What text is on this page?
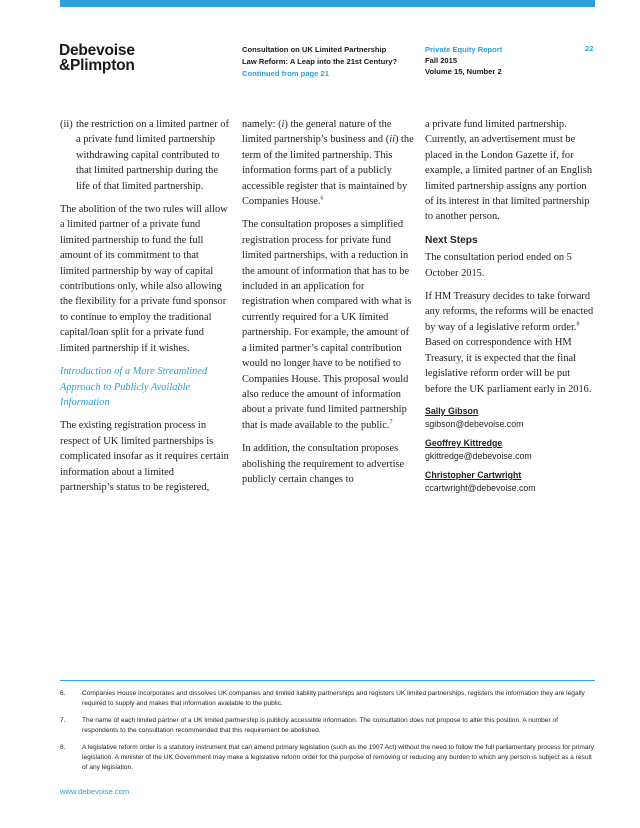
Debevoise
&Plimpton
Consultation on UK Limited Partnership
Law Reform: A Leap into the 21st Century?
Continued from page 21
Private Equity Report
Fall 2015
Volume 15, Number 2
22
(ii) the restriction on a limited partner of a private fund limited partnership withdrawing capital contributed to that limited partnership during the life of that limited partnership.

The abolition of the two rules will allow a limited partner of a private fund limited partnership to fund the full amount of its commitment to that limited partnership by way of capital contributions only, while also allowing the flexibility for a private fund sponsor to continue to employ the traditional capital/loan split for a private fund limited partnership if it wishes.

Introduction of a More Streamlined Approach to Publicly Available Information

The existing registration process in respect of UK limited partnerships is complicated insofar as it requires certain information about a limited partnership’s status to be registered,

namely: (i) the general nature of the limited partnership’s business and (ii) the term of the limited partnership. This information forms part of a publicly accessible register that is maintained by Companies House.$^6$

The consultation proposes a simplified registration process for private fund limited partnerships, with a reduction in the amount of information that has to be included in an application for registration when compared with what is currently required for a UK limited partnership. For example, the amount of a limited partner’s capital contribution would no longer have to be notified to Companies House. This proposal would also reduce the amount of information about a private fund limited partnership that is made available to the public.$^7$

In addition, the consultation proposes abolishing the requirement to advertise publicly certain changes to

a private fund limited partnership. Currently, an advertisement must be placed in the London Gazette if, for example, a limited partner of an English limited partnership assigns any portion of its interest in that limited partnership to another person.

Next Steps

The consultation period ended on 5 October 2015.

If HM Treasury decides to take forward any reforms, the reforms will be enacted by way of a legislative reform order.$^8$ Based on correspondence with HM Treasury, it is expected that the final legislative reform order will be put before the UK parliament early in 2016.

Sally Gibson
sgibson@debevoise.com
Geoffrey Kittredge
gkittredge@debevoise.com
Christopher Cartwright
ccartwright@debevoise.com
6.	Companies House incorporates and dissolves UK companies and limited liability partnerships and registers UK limited partnerships, registers the information they are legally required to supply and makes that information available to the public.
7.	The name of each limited partner of a UK limited partnership is publicly accessible information. The consultation does not propose to alter this position. A number of respondents to the consultation recommended that this requirement be abolished.
8.	A legislative reform order is a statutory instrument that can amend primary legislation (such as the 1907 Act) without the need to follow the full parliamentary process for primary legislation. A minister of the UK Government may make a legislative reform order for the purpose of removing or reducing any burden to which any person is subject as a result of any legislation.
www.debevoise.com
